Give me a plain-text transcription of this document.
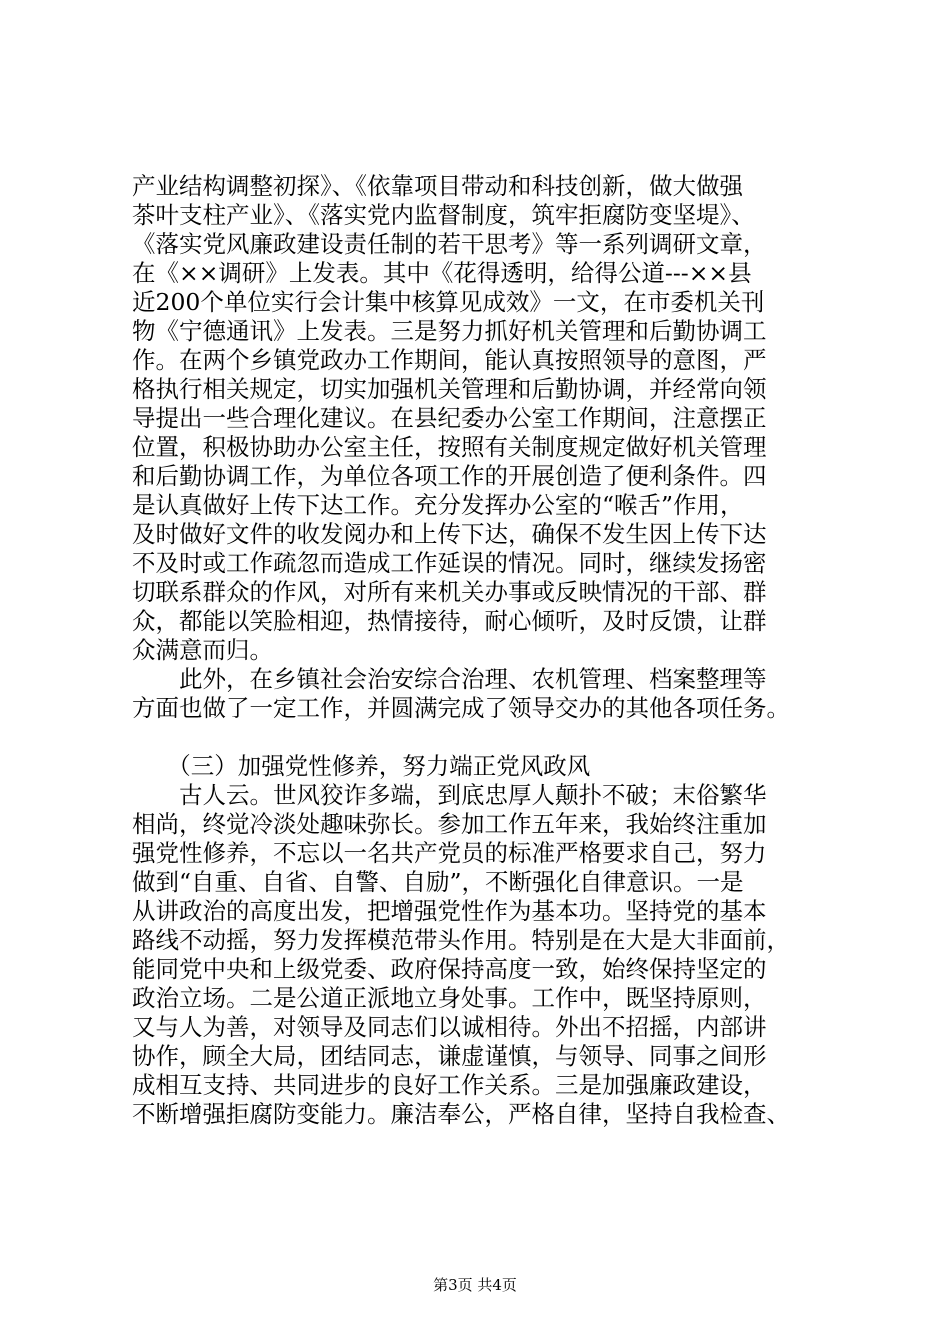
产业结构调整初探》、《依靠项目带动和科技创新，做大做强
茶叶支柱产业》、《落实党内监督制度，筑牢拒腐防变坚堤》、
《落实党风廉政建设责任制的若干思考》等一系列调研文章，
在《××调研》上发表。其中《花得透明，给得公道---××县
近200个单位实行会计集中核算见成效》一文，在市委机关刊
物《宁德通讯》上发表。三是努力抓好机关管理和后勤协调工
作。在两个乡镇党政办工作期间，能认真按照领导的意图，严
格执行相关规定，切实加强机关管理和后勤协调，并经常向领
导提出一些合理化建议。在县纪委办公室工作期间，注意摆正
位置，积极协助办公室主任，按照有关制度规定做好机关管理
和后勤协调工作，为单位各项工作的开展创造了便利条件。四
是认真做好上传下达工作。充分发挥办公室的“喉舌”作用，
及时做好文件的收发阅办和上传下达，确保不发生因上传下达
不及时或工作疏忽而造成工作延误的情况。同时，继续发扬密
切联系群众的作风，对所有来机关办事或反映情况的干部、群
众，都能以笑脸相迎，热情接待，耐心倾听，及时反馈，让群
众满意而归。
　　此外，在乡镇社会治安综合治理、农机管理、档案整理等
方面也做了一定工作，并圆满完成了领导交办的其他各项任务。
　　（三）加强党性修养，努力端正党风政风
　　古人云。世风狡诈多端，到底忠厚人颠扑不破；末俗繁华
相尚，终觉冷淡处趣味弥长。参加工作五年来，我始终注重加
强党性修养，不忘以一名共产党员的标准严格要求自己，努力
做到“自重、自省、自警、自励”，不断强化自律意识。一是
从讲政治的高度出发，把增强党性作为基本功。坚持党的基本
路线不动摇，努力发挥模范带头作用。特别是在大是大非面前，
能同党中央和上级党委、政府保持高度一致，始终保持坚定的
政治立场。二是公道正派地立身处事。工作中，既坚持原则，
又与人为善，对领导及同志们以诚相待。外出不招摇，内部讲
协作，顾全大局，团结同志，谦虚谨慎，与领导、同事之间形
成相互支持、共同进步的良好工作关系。三是加强廉政建设，
不断增强拒腐防变能力。廉洁奉公，严格自律，坚持自我检查、
第3页 共4页
